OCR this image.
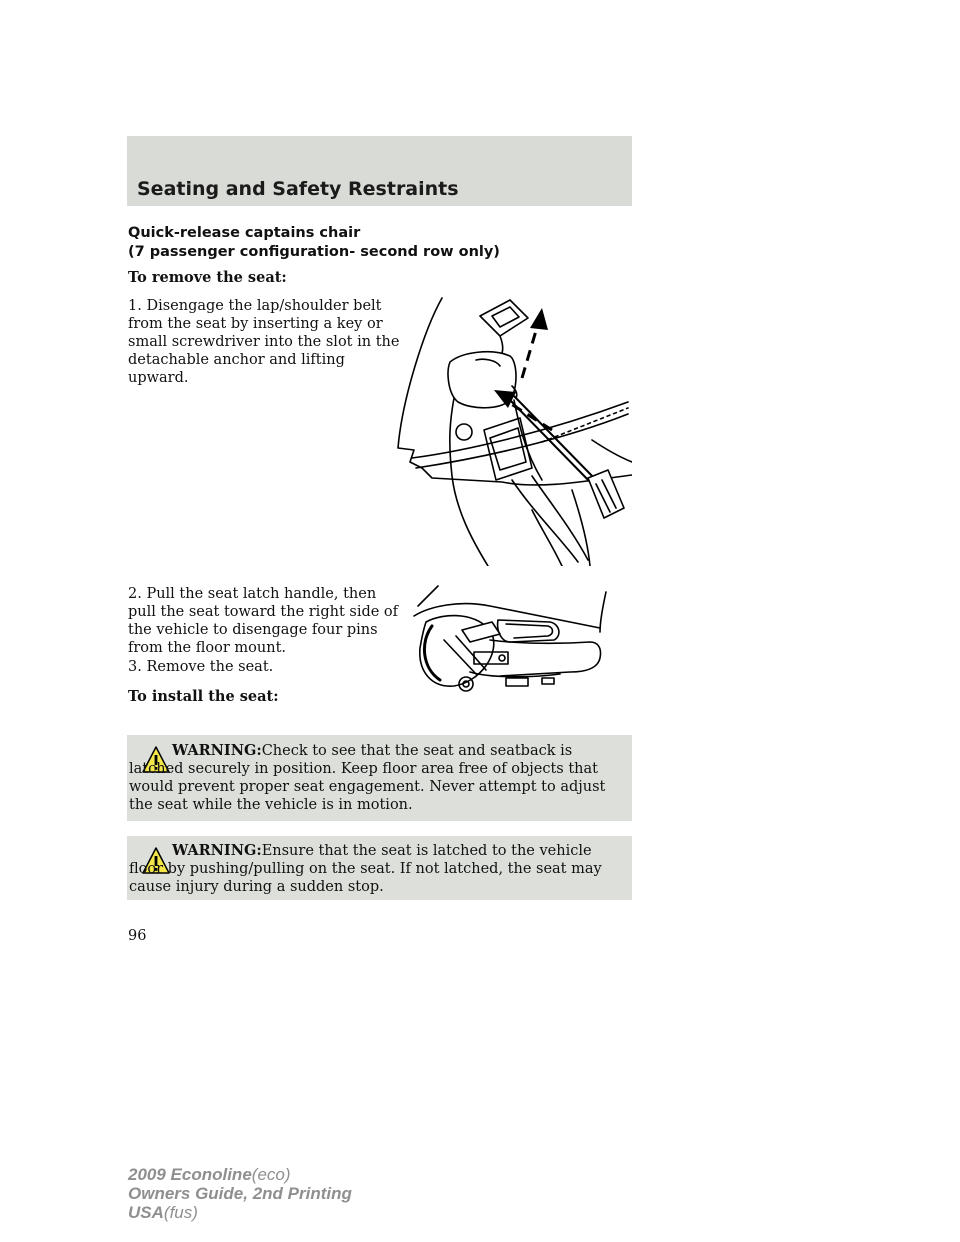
Seating and Safety Restraints
Quick-release captains chair
(7 passenger configuration- second row only)
To remove the seat:
1. Disengage the lap/shoulder belt
from the seat by inserting a key or
small screwdriver into the slot in the
detachable anchor and lifting
upward.
2. Pull the seat latch handle, then
pull the seat toward the right side of
the vehicle to disengage four pins
from the floor mount.
3. Remove the seat.
To install the seat:
WARNING:Check to see that the seat and seatback is latched securely in position. Keep floor area free of objects that would prevent proper seat engagement. Never attempt to adjust the seat while the vehicle is in motion.
WARNING:Ensure that the seat is latched to the vehicle floor by pushing/pulling on the seat. If not latched, the seat may cause injury during a sudden stop.
96
2009 Econoline(eco)
Owners Guide, 2nd Printing
USA(fus)
